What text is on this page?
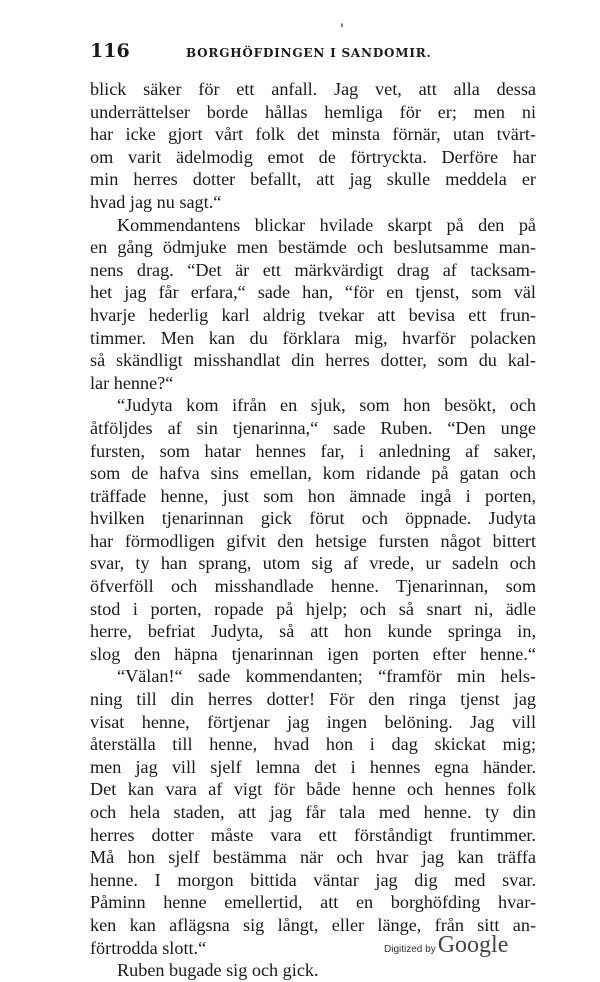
'
116	BORGHÖFDINGEN I SANDOMIR.
blick säker för ett anfall. Jag vet, att alla dessa
underrättelser borde hållas hemliga för er; men ni
har icke gjort vårt folk det minsta förnär, utan tvärt-
om varit ädelmodig emot de förtryckta. Derföre har
min herres dotter befallt, att jag skulle meddela er
hvad jag nu sagt.“
Kommendantens blickar hvilade skarpt på den på
en gång ödmjuke men bestämde och beslutsamme man-
nens drag. “Det är ett märkvärdigt drag af tacksam-
het jag får erfara,“ sade han, “för en tjenst, som väl
hvarje hederlig karl aldrig tvekar att bevisa ett frun-
timmer. Men kan du förklara mig, hvarför polacken
så skändligt misshandlat din herres dotter, som du kal-
lar henne?“
“Judyta kom ifrån en sjuk, som hon besökt, och
åtföljdes af sin tjenarinna,“ sade Ruben. “Den unge
fursten, som hatar hennes far, i anledning af saker,
som de hafva sins emellan, kom ridande på gatan och
träffade henne, just som hon ämnade ingå i porten,
hvilken tjenarinnan gick förut och öppnade. Judyta
har förmodligen gifvit den hetsige fursten något bittert
svar, ty han sprang, utom sig af vrede, ur sadeln och
öfverföll och misshandlade henne. Tjenarinnan, som
stod i porten, ropade på hjelp; och så snart ni, ädle
herre, befriat Judyta, så att hon kunde springa in,
slog den häpna tjenarinnan igen porten efter henne.“
“Välan!“ sade kommendanten; “framför min hels-
ning till din herres dotter! För den ringa tjenst jag
visat henne, förtjenar jag ingen belöning. Jag vill
återställa till henne, hvad hon i dag skickat mig;
men jag vill sjelf lemna det i hennes egna händer.
Det kan vara af vigt för både henne och hennes folk
och hela staden, att jag får tala med henne. ty din
herres dotter måste vara ett förståndigt fruntimmer.
Må hon sjelf bestämma när och hvar jag kan träffa
henne. I morgon bittida väntar jag dig med svar.
Påminn henne emellertid, att en borghöfding hvar-
ken kan aflägsna sig långt, eller länge, från sitt an-
förtrodda slott.“
Ruben bugade sig och gick.
Digitized by Google
